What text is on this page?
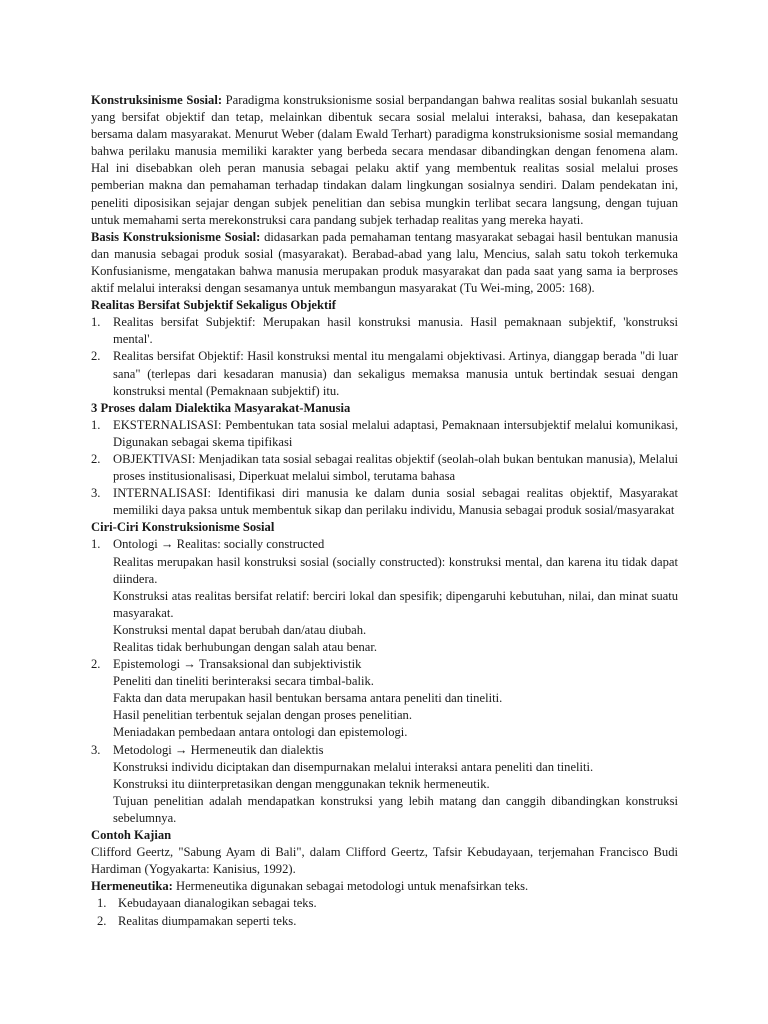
Konstruksinisme Sosial: Paradigma konstruksionisme sosial berpandangan bahwa realitas sosial bukanlah sesuatu yang bersifat objektif dan tetap, melainkan dibentuk secara sosial melalui interaksi, bahasa, dan kesepakatan bersama dalam masyarakat. Menurut Weber (dalam Ewald Terhart) paradigma konstruksionisme sosial memandang bahwa perilaku manusia memiliki karakter yang berbeda secara mendasar dibandingkan dengan fenomena alam. Hal ini disebabkan oleh peran manusia sebagai pelaku aktif yang membentuk realitas sosial melalui proses pemberian makna dan pemahaman terhadap tindakan dalam lingkungan sosialnya sendiri. Dalam pendekatan ini, peneliti diposisikan sejajar dengan subjek penelitian dan sebisa mungkin terlibat secara langsung, dengan tujuan untuk memahami serta merekonstruksi cara pandang subjek terhadap realitas yang mereka hayati.

Basis Konstruksionisme Sosial: didasarkan pada pemahaman tentang masyarakat sebagai hasil bentukan manusia dan manusia sebagai produk sosial (masyarakat). Berabad-abad yang lalu, Mencius, salah satu tokoh terkemuka Konfusianisme, mengatakan bahwa manusia merupakan produk masyarakat dan pada saat yang sama ia berproses aktif melalui interaksi dengan sesamanya untuk membangun masyarakat (Tu Wei-ming, 2005: 168).

Realitas Bersifat Subjektif Sekaligus Objektif
1. Realitas bersifat Subjektif: Merupakan hasil konstruksi manusia. Hasil pemaknaan subjektif, 'konstruksi mental'.
2. Realitas bersifat Objektif: Hasil konstruksi mental itu mengalami objektivasi. Artinya, dianggap berada "di luar sana" (terlepas dari kesadaran manusia) dan sekaligus memaksa manusia untuk bertindak sesuai dengan konstruksi mental (Pemaknaan subjektif) itu.
3 Proses dalam Dialektika Masyarakat-Manusia
1. EKSTERNALISASI: Pembentukan tata sosial melalui adaptasi, Pemaknaan intersubjektif melalui komunikasi, Digunakan sebagai skema tipifikasi
2. OBJEKTIVASI: Menjadikan tata sosial sebagai realitas objektif (seolah-olah bukan bentukan manusia), Melalui proses institusionalisasi, Diperkuat melalui simbol, terutama bahasa
3. INTERNALISASI: Identifikasi diri manusia ke dalam dunia sosial sebagai realitas objektif, Masyarakat memiliki daya paksa untuk membentuk sikap dan perilaku individu, Manusia sebagai produk sosial/masyarakat
Ciri-Ciri Konstruksionisme Sosial
1. Ontologi → Realitas: socially constructed
Realitas merupakan hasil konstruksi sosial (socially constructed): konstruksi mental, dan karena itu tidak dapat diindera.
Konstruksi atas realitas bersifat relatif: berciri lokal dan spesifik; dipengaruhi kebutuhan, nilai, dan minat suatu masyarakat.
Konstruksi mental dapat berubah dan/atau diubah.
Realitas tidak berhubungan dengan salah atau benar.
2. Epistemologi → Transaksional dan subjektivistik
Peneliti dan tineliti berinteraksi secara timbal-balik.
Fakta dan data merupakan hasil bentukan bersama antara peneliti dan tineliti.
Hasil penelitian terbentuk sejalan dengan proses penelitian.
Meniadakan pembedaan antara ontologi dan epistemologi.
3. Metodologi → Hermeneutik dan dialektis
Konstruksi individu diciptakan dan disempurnakan melalui interaksi antara peneliti dan tineliti.
Konstruksi itu diinterpretasikan dengan menggunakan teknik hermeneutik.
Tujuan penelitian adalah mendapatkan konstruksi yang lebih matang dan canggih dibandingkan konstruksi sebelumnya.
Contoh Kajian

Clifford Geertz, "Sabung Ayam di Bali", dalam Clifford Geertz, Tafsir Kebudayaan, terjemahan Francisco Budi Hardiman (Yogyakarta: Kanisius, 1992).

Hermeneutika: Hermeneutika digunakan sebagai metodologi untuk menafsirkan teks.

1. Kebudayaan dianalogikan sebagai teks.
2. Realitas diumpamakan seperti teks.
